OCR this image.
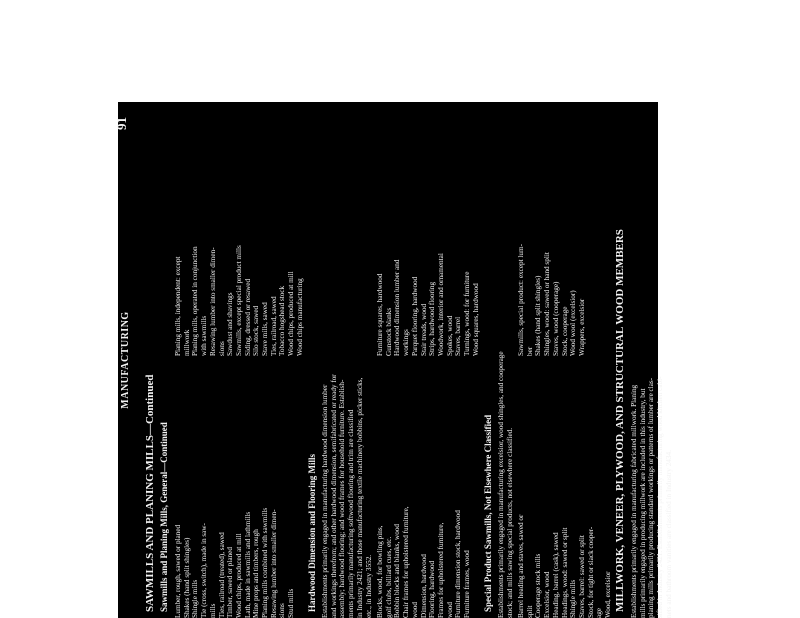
MANUFACTURING
91
SAWMILLS AND PLANING MILLS—Continued Sawmills and Planing Mills, General—Continued Lumber, rough, sawed or planed Shakes (hand split shingles) Shingle mills Tie (cross, switch), made in saw- mills Ties, railroad (treated), sawed Timber, sawed or planed Wood chips, produced at mill Lath, made in sawmills and lathmills Mine props and timbers, rough Planing mills combined with sawmills Resawing lumber into smaller dimen- sions Stud mills

Planing mills, independent: except millwork Planing mills, operated in conjunction with sawmills Resawing lumber into smaller dimen- sions Sawdust and shavings Sawmills, except special product mills Siding, dressed or resawed Silo stock, sawed Stave mills, sawed Ties, railroad, sawed Tobacco hogshead stock Wood chips, produced at mill Wood chips manufacturing

Hardwood Dimension and Flooring Mills Establishments primarily engaged in manufacturing hardwood dimension lumber and workings therefrom; and other hardwood dimension, semifabricated or ready for assembly; hardwood flooring; and wood frames for household furniture. Establish- ments primarily manufacturing softwood flooring and trim are classified in Industry 2421; and those manufacturing textile machinery bobbins, picker sticks, etc., in Industry 3552. Blocks, wood, for bowling pins, golf clubs, billiard cues, etc. Bobbin blocks and blanks, wood Chair frames for upholstered furniture, wood Dimension, hardwood Flooring, hardwood Frames for upholstered furniture, wood Furniture dimension stock, hardwood Furniture frames, wood

Furniture squares, hardwood Gunstock blanks Hardwood dimension lumber and workings Parquet flooring, hardwood Stair treads, wood Strips, hardwood flooring Woodwork, interior and ornamental Spokes, wood Staves, barrel Turnings, wood: for furniture Wood squares, hardwood

Special Product Sawmills, Not Elsewhere Classified Establishments primarily engaged in manufacturing excelsior, wood shingles, and cooperage stock; and mills sawing special products, not elsewhere classified. Barrel heading and staves, sawed or split Cooperage stock mills Excelsior, wood Heading, barrel (cask), sawed Headings, wood: sawed or split Shingle mills Staves, barrel: sawed or split Stock, for tight or slack cooper- age Wood, excelsior

Sawmills, special product: except lum- ber Shakes (hand split shingles) Shingles, wood: sawed or hand split Staves, wood (cooperage) Stock, cooperage Wood wool (excelsior) Wrappers, excelsior	MILLWORK, VENEER, PLYWOOD, AND STRUCTURAL WOOD MEMBERS Establishments primarily engaged in manufacturing fabricated millwork. Planing mills primarily engaged in producing millwork are included in this industry, but planing mills primarily producing standard workings or patterns of lumber are clas- sified in Industry 2421. Establishments primarily manufacturing wood kitchen cabi- nets and bathroom vanities are classified in Industry 2434.
